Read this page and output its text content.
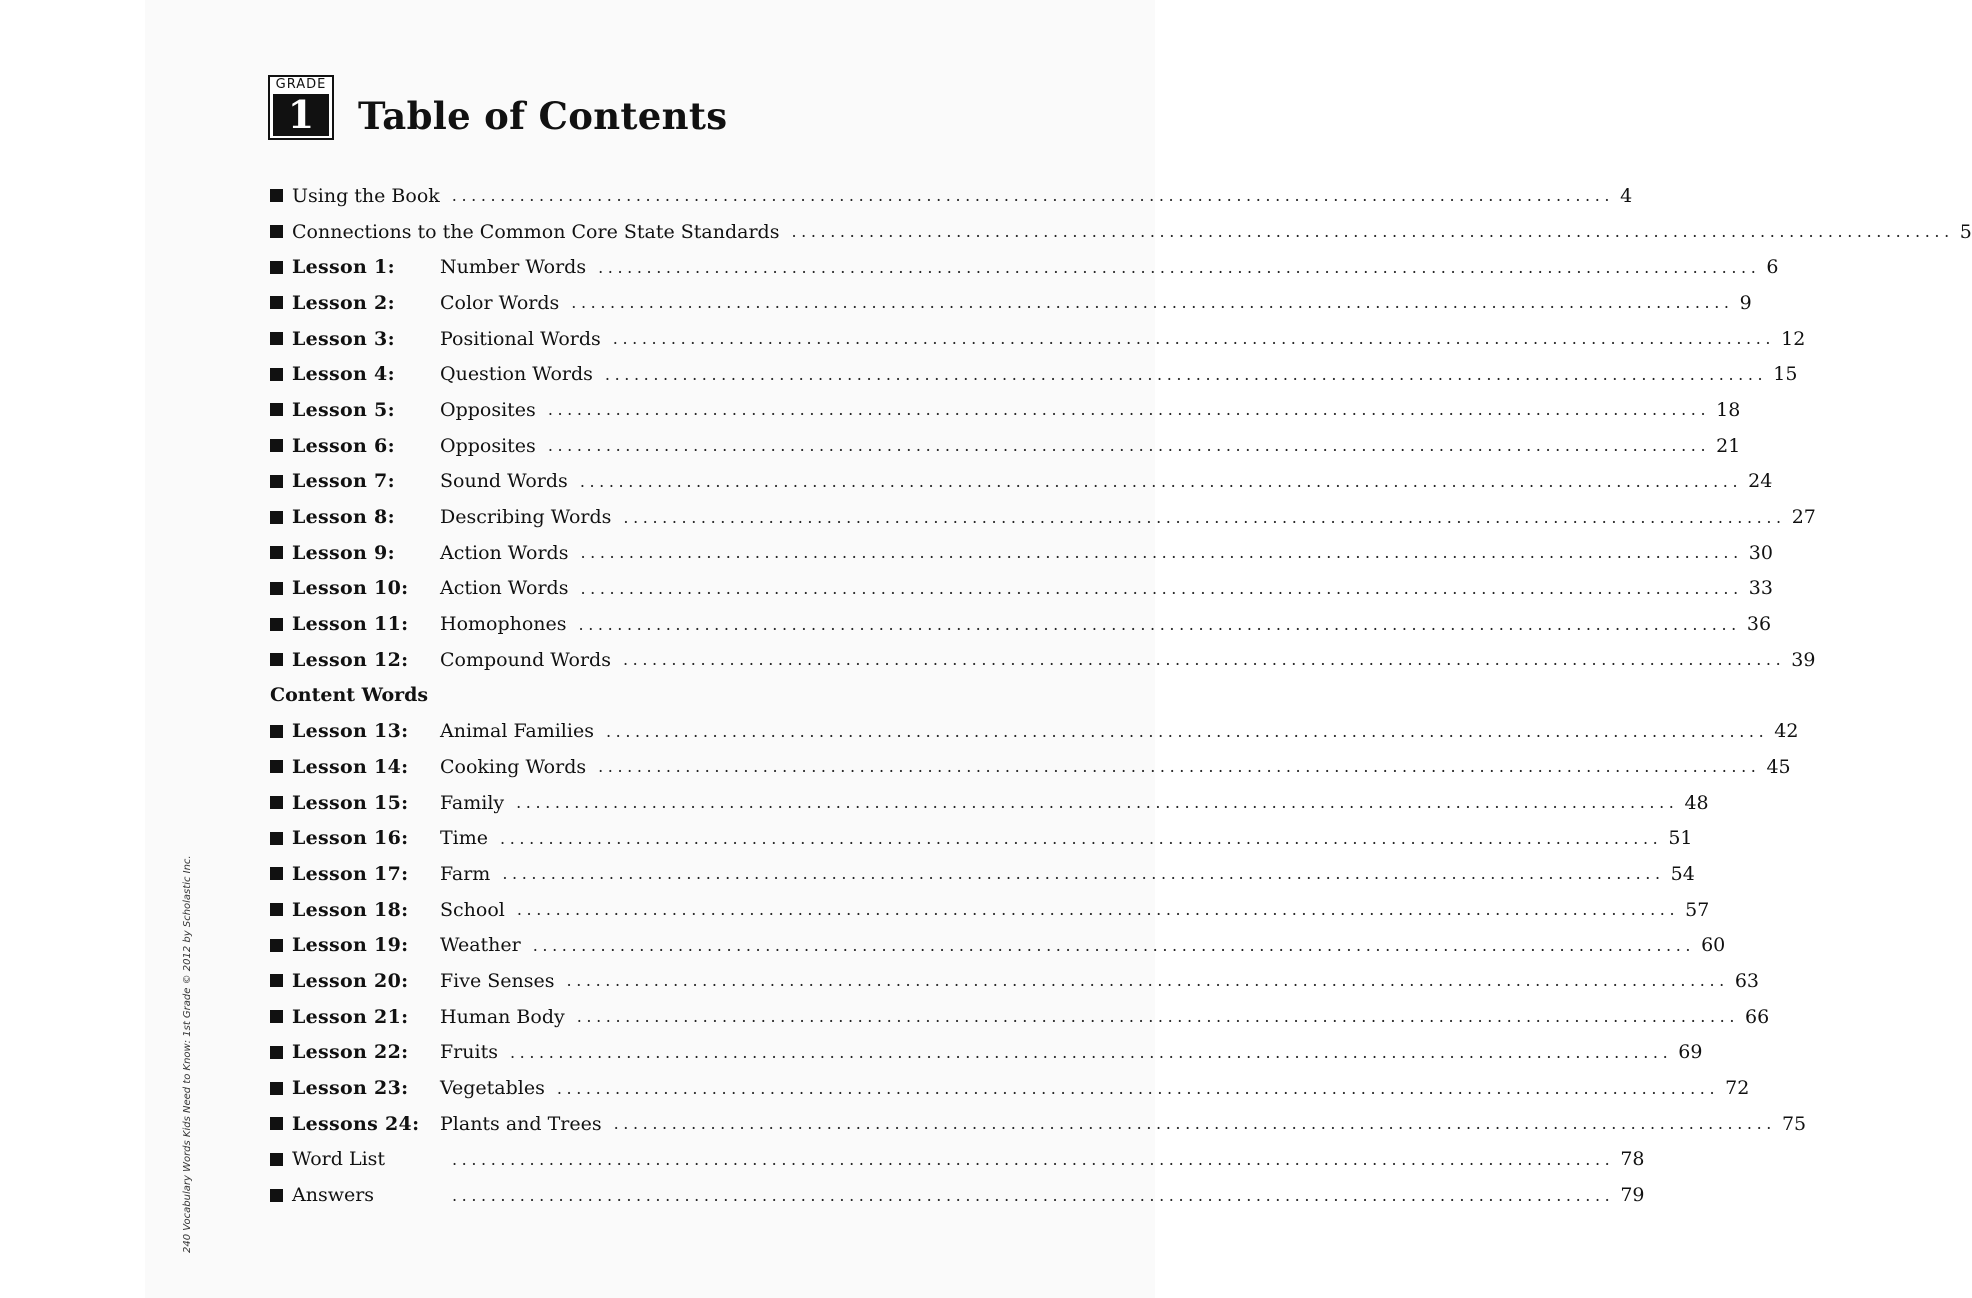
GRADE
1	Table of Contents
Using the Book ........................................................................................................................ 4
Connections to the Common Core State Standards ........................................................................................................................ 5
Lesson 1:	Number Words ........................................................................................................................ 6
Lesson 2:	Color Words ........................................................................................................................ 9
Lesson 3:	Positional Words ........................................................................................................................ 12
Lesson 4:	Question Words ........................................................................................................................ 15
Lesson 5:	Opposites ........................................................................................................................ 18
Lesson 6:	Opposites ........................................................................................................................ 21
Lesson 7:	Sound Words ........................................................................................................................ 24
Lesson 8:	Describing Words ........................................................................................................................ 27
Lesson 9:	Action Words ........................................................................................................................ 30
Lesson 10:	Action Words ........................................................................................................................ 33
Lesson 11:	Homophones ........................................................................................................................ 36
Lesson 12:	Compound Words ........................................................................................................................ 39
Content Words
Lesson 13:	Animal Families ........................................................................................................................ 42
Lesson 14:	Cooking Words ........................................................................................................................ 45
Lesson 15:	Family ........................................................................................................................ 48
Lesson 16:	Time ........................................................................................................................ 51
Lesson 17:	Farm ........................................................................................................................ 54
Lesson 18:	School ........................................................................................................................ 57
Lesson 19:	Weather ........................................................................................................................ 60
Lesson 20:	Five Senses ........................................................................................................................ 63
Lesson 21:	Human Body ........................................................................................................................ 66
Lesson 22:	Fruits ........................................................................................................................ 69
Lesson 23:	Vegetables ........................................................................................................................ 72
Lessons 24:	Plants and Trees ........................................................................................................................ 75
Word List	........................................................................................................................ 78
Answers	........................................................................................................................ 79
240 Vocabulary Words Kids Need to Know: 1st Grade © 2012 by Scholastic Inc.
